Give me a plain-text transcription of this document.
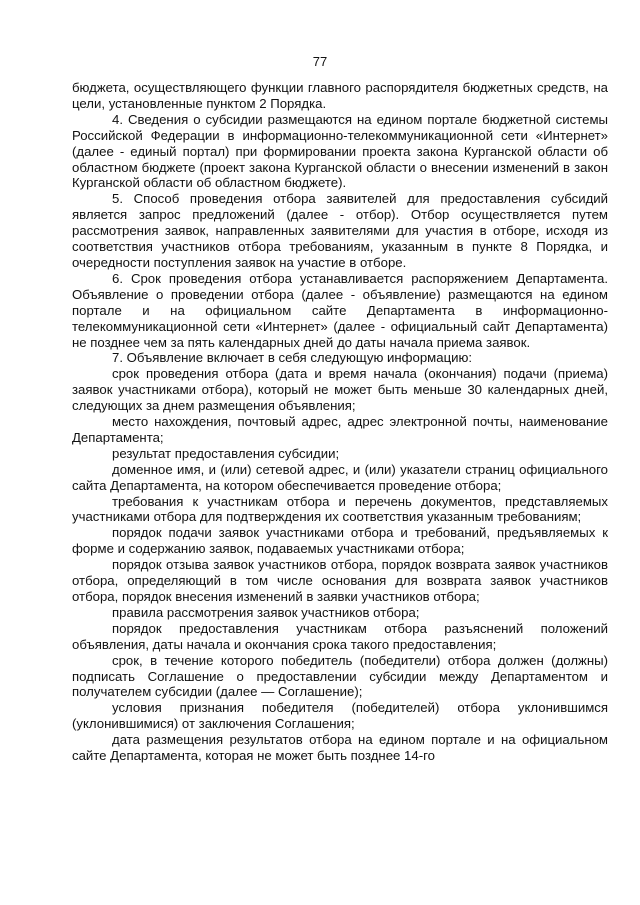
77

бюджета, осуществляющего функции главного распорядителя бюджетных средств, на цели, установленные пунктом 2 Порядка.

4. Сведения о субсидии размещаются на едином портале бюджетной системы Российской Федерации в информационно-телекоммуникационной сети «Интернет» (далее - единый портал) при формировании проекта закона Курганской области об областном бюджете (проект закона Курганской области о внесении изменений в закон Курганской области об областном бюджете).

5. Способ проведения отбора заявителей для предоставления субсидий является запрос предложений (далее - отбор). Отбор осуществляется путем рассмотрения заявок, направленных заявителями для участия в отборе, исходя из соответствия участников отбора требованиям, указанным в пункте 8 Порядка, и очередности поступления заявок на участие в отборе.

6. Срок проведения отбора устанавливается распоряжением Департамента. Объявление о проведении отбора (далее - объявление) размещаются на едином портале и на официальном сайте Департамента в информационно-телекоммуникационной сети «Интернет» (далее - официальный сайт Департамента) не позднее чем за пять календарных дней до даты начала приема заявок.

7. Объявление включает в себя следующую информацию:

срок проведения отбора (дата и время начала (окончания) подачи (приема) заявок участниками отбора), который не может быть меньше 30 календарных дней, следующих за днем размещения объявления;

место нахождения, почтовый адрес, адрес электронной почты, наименование Департамента;

результат предоставления субсидии;

доменное имя, и (или) сетевой адрес, и (или) указатели страниц официального сайта Департамента, на котором обеспечивается проведение отбора;

требования к участникам отбора и перечень документов, представляемых участниками отбора для подтверждения их соответствия указанным требованиям;

порядок подачи заявок участниками отбора и требований, предъявляемых к форме и содержанию заявок, подаваемых участниками отбора;

порядок отзыва заявок участников отбора, порядок возврата заявок участников отбора, определяющий в том числе основания для возврата заявок участников отбора, порядок внесения изменений в заявки участников отбора;

правила рассмотрения заявок участников отбора;

порядок предоставления участникам отбора разъяснений положений объявления, даты начала и окончания срока такого предоставления;

срок, в течение которого победитель (победители) отбора должен (должны) подписать Соглашение о предоставлении субсидии между Департаментом и получателем субсидии (далее — Соглашение);

условия признания победителя (победителей) отбора уклонившимся (уклонившимися) от заключения Соглашения;

дата размещения результатов отбора на едином портале и на официальном сайте Департамента, которая не может быть позднее 14-го
